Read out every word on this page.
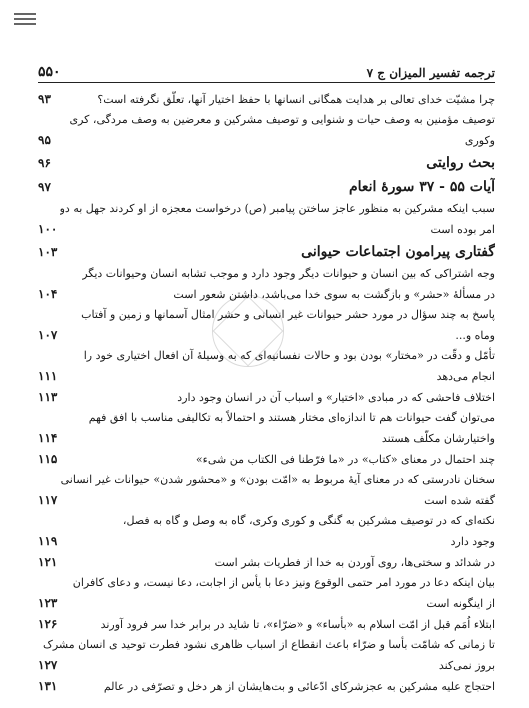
ترجمه تفسیر المیزان ج ۷
۵۵۰
چرا مشیّت خدای تعالی بر هدایت همگانی انسانها با حفظ اختیار آنها، تعلّق نگرفته است؟
۹۳
توصیف مؤمنین به وصف حیات و شنوایی و توصیف مشرکین و معرضین به وصف مردگی، کری
وکوری
۹۵
بحث روایتی
۹۶
آیات ۵۵ - ۳۷ سورهٔ انعام
۹۷
سبب اینکه مشرکین به منظور عاجز ساختن پیامبر (ص) درخواست معجزه از او کردند جهل به دو
امر بوده است
۱۰۰
گفتاری پیرامون اجتماعات حیوانی
۱۰۳
وجه اشتراکی که بین انسان و حیوانات دیگر وجود دارد و موجب تشابه انسان وحیوانات دیگر
در مسألهٔ «حشر» و بازگشت به سوی خدا می‌باشد، داشتن شعور است
۱۰۴
پاسخ به چند سؤال در مورد حشر حیوانات غیر انسانی و حشر امثال آسمانها و زمین و آفتاب
وماه و...
۱۰۷
تأمّل و دقّت در «مختار» بودن بود و حالات نفسانیه‌ای که به وسیلهٔ آن افعال اختیاری خود را
انجام می‌دهد
۱۱۱
اختلاف فاحشی که در مبادی «اختیار» و اسباب آن در انسان وجود دارد
۱۱۳
می‌توان گفت حیوانات هم تا اندازه‌ای مختار هستند و احتمالاً به تکالیفی مناسب با افق فهم
واختیارشان مکلّف هستند
۱۱۴
چند احتمال در معنای «کتاب» در «ما فرّطنا فی الکتاب من شیء»
۱۱۵
سخنان نادرستی که در معنای آیهٔ مربوط به «امّت بودن» و «محشور شدن» حیوانات غیر انسانی
گفته شده است
۱۱۷
نکته‌ای که در توصیف مشرکین به گنگی و کوری وکری، گاه به وصل و گاه به فصل،
وجود دارد
۱۱۹
در شدائد و سختی‌ها، روی آوردن به خدا از فطریات بشر است
۱۲۱
بیان اینکه دعا در مورد امر حتمی الوقوع ونیز دعا با یأس از اجابت، دعا نیست، و دعای کافران
از اینگونه است
۱۲۳
ابتلاء اُمَم قبل از امّت اسلام به «بأساء» و «ضرّاء»، تا شاید در برابر خدا سر فرود آورند
۱۲۶
تا زمانی که شامّت بأسا و ضرّاء باعث انقطاع از اسباب ظاهری نشود فطرت توحید ی انسان مشرک
بروز نمی‌کند
۱۲۷
احتجاج علیه مشرکین به عجزشرکای ادّعائی و بت‌هایشان از هر دخل و تصرّفی در عالم
۱۳۱
